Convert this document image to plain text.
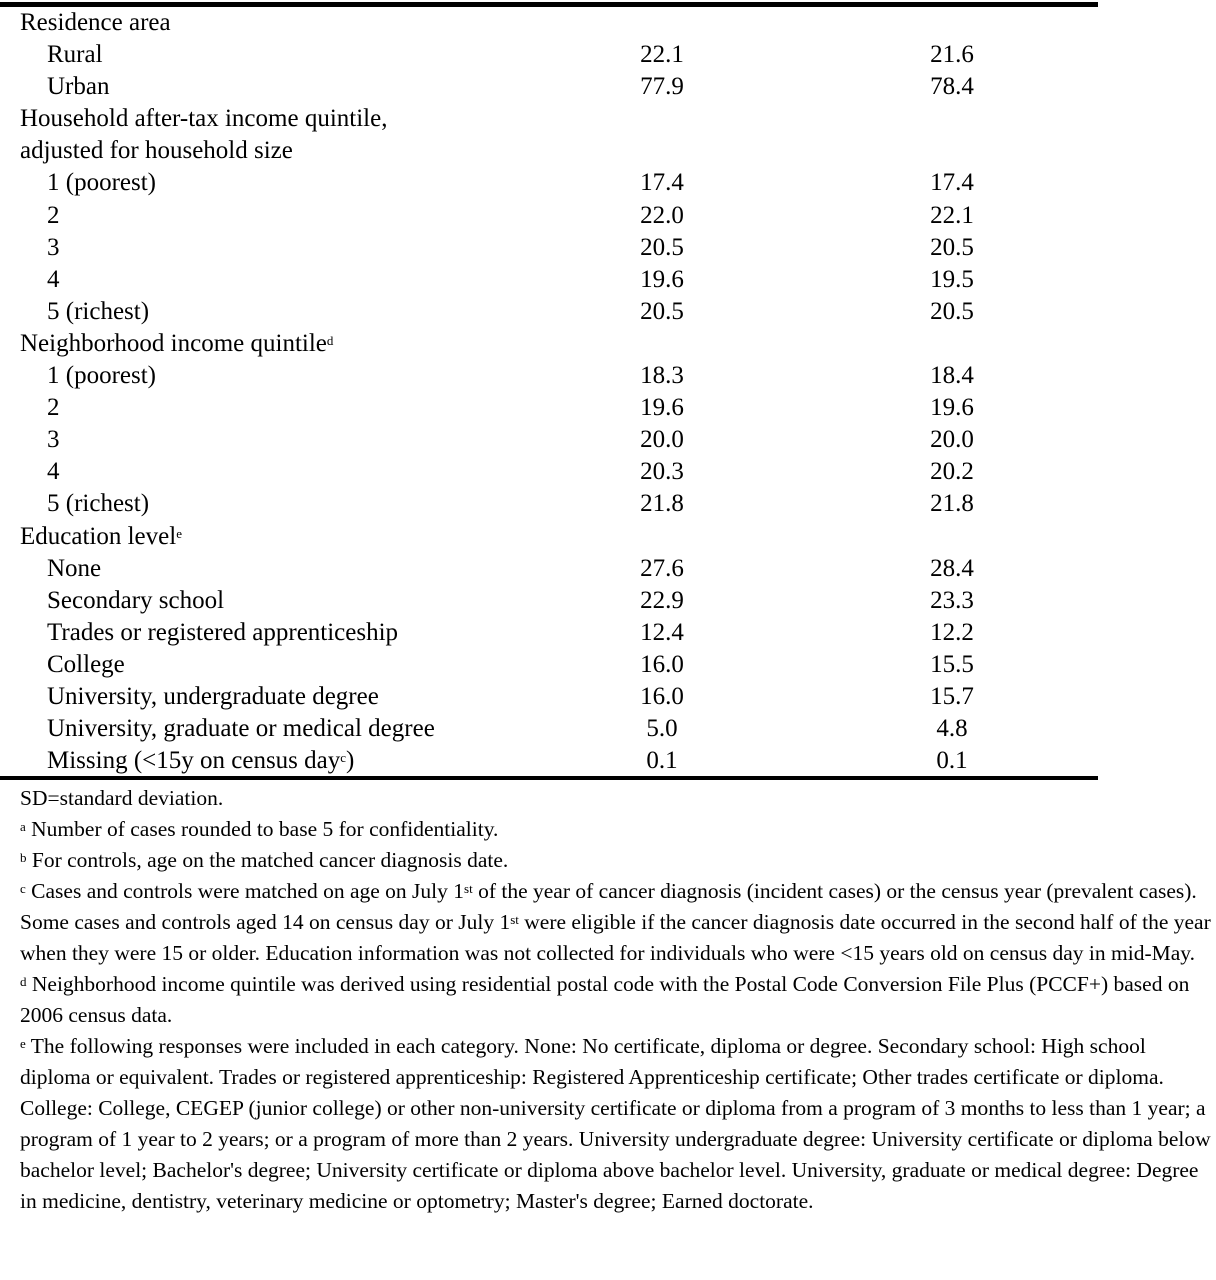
Residence area
Rural	22.1	21.6
Urban	77.9	78.4
Household after-tax income quintile,
adjusted for household size
1 (poorest)	17.4	17.4
2	22.0	22.1
3	20.5	20.5
4	19.6	19.5
5 (richest)	20.5	20.5
Neighborhood income quintile$^d$
1 (poorest)	18.3	18.4
2	19.6	19.6
3	20.0	20.0
4	20.3	20.2
5 (richest)	21.8	21.8
Education level$^e$
None	27.6	28.4
Secondary school	22.9	23.3
Trades or registered apprenticeship	12.4	12.2
College	16.0	15.5
University, undergraduate degree	16.0	15.7
University, graduate or medical degree	5.0	4.8
Missing (<15y on census day$^c$)	0.1	0.1

SD=standard deviation.

$^a$ Number of cases rounded to base 5 for confidentiality.

$^b$ For controls, age on the matched cancer diagnosis date.

$^c$ Cases and controls were matched on age on July 1st of the year of cancer diagnosis (incident cases) or the census year (prevalent cases). Some cases and controls aged 14 on census day or July 1st were eligible if the cancer diagnosis date occurred in the second half of the year when they were 15 or older. Education information was not collected for individuals who were <15 years old on census day in mid-May.

$^d$ Neighborhood income quintile was derived using residential postal code with the Postal Code Conversion File Plus (PCCF+) based on 2006 census data.

$^e$ The following responses were included in each category. None: No certificate, diploma or degree. Secondary school: High school diploma or equivalent. Trades or registered apprenticeship: Registered Apprenticeship certificate; Other trades certificate or diploma. College: College, CEGEP (junior college) or other non-university certificate or diploma from a program of 3 months to less than 1 year; a program of 1 year to 2 years; or a program of more than 2 years. University undergraduate degree: University certificate or diploma below bachelor level; Bachelor's degree; University certificate or diploma above bachelor level. University, graduate or medical degree: Degree in medicine, dentistry, veterinary medicine or optometry; Master's degree; Earned doctorate.
